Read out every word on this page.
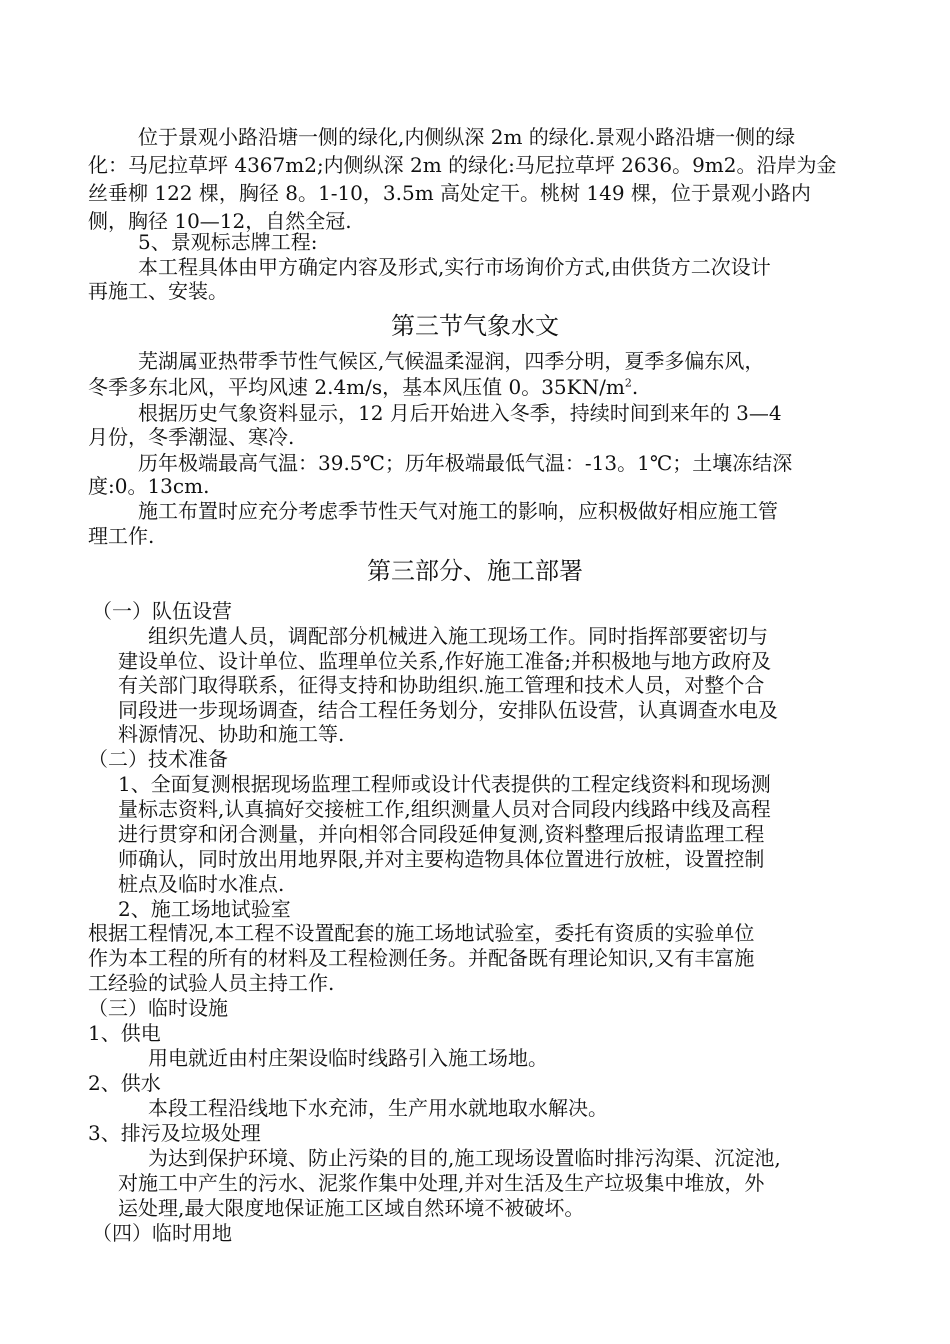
位于景观小路沿塘一侧的绿化,内侧纵深 2m 的绿化.景观小路沿塘一侧的绿
化：马尼拉草坪 4367m2;内侧纵深 2m 的绿化:马尼拉草坪 2636。9m2。沿岸为金
丝垂柳 122 棵，胸径 8。1-10，3.5m 高处定干。桃树 149 棵，位于景观小路内
侧，胸径 10—12，自然全冠.
5、景观标志牌工程:
本工程具体由甲方确定内容及形式,实行市场询价方式,由供货方二次设计
再施工、安装。
第三节气象水文
芜湖属亚热带季节性气候区,气候温柔湿润，四季分明，夏季多偏东风，
冬季多东北风，平均风速 2.4m/s，基本风压值 0。$35KN/m^2$.
根据历史气象资料显示，12 月后开始进入冬季，持续时间到来年的 3—4
月份，冬季潮湿、寒冷.
历年极端最高气温：39.5℃；历年极端最低气温：-13。1℃；土壤冻结深
度:0。13cm.
施工布置时应充分考虑季节性天气对施工的影响，应积极做好相应施工管
理工作.
第三部分、施工部署
（一）队伍设营
组织先遣人员，调配部分机械进入施工现场工作。同时指挥部要密切与
建设单位、设计单位、监理单位关系,作好施工准备;并积极地与地方政府及
有关部门取得联系，征得支持和协助组织.施工管理和技术人员，对整个合
同段进一步现场调查，结合工程任务划分，安排队伍设营，认真调查水电及
料源情况、协助和施工等.
（二）技术准备
1、全面复测根据现场监理工程师或设计代表提供的工程定线资料和现场测
量标志资料,认真搞好交接桩工作,组织测量人员对合同段内线路中线及高程
进行贯穿和闭合测量，并向相邻合同段延伸复测,资料整理后报请监理工程
师确认，同时放出用地界限,并对主要构造物具体位置进行放桩，设置控制
桩点及临时水准点.
2、施工场地试验室
根据工程情况,本工程不设置配套的施工场地试验室，委托有资质的实验单位
作为本工程的所有的材料及工程检测任务。并配备既有理论知识,又有丰富施
工经验的试验人员主持工作.
（三）临时设施
1、供电
用电就近由村庄架设临时线路引入施工场地。
2、供水
本段工程沿线地下水充沛，生产用水就地取水解决。
3、排污及垃圾处理
为达到保护环境、防止污染的目的,施工现场设置临时排污沟渠、沉淀池,
对施工中产生的污水、泥浆作集中处理,并对生活及生产垃圾集中堆放，外
运处理,最大限度地保证施工区域自然环境不被破坏。
（四）临时用地
